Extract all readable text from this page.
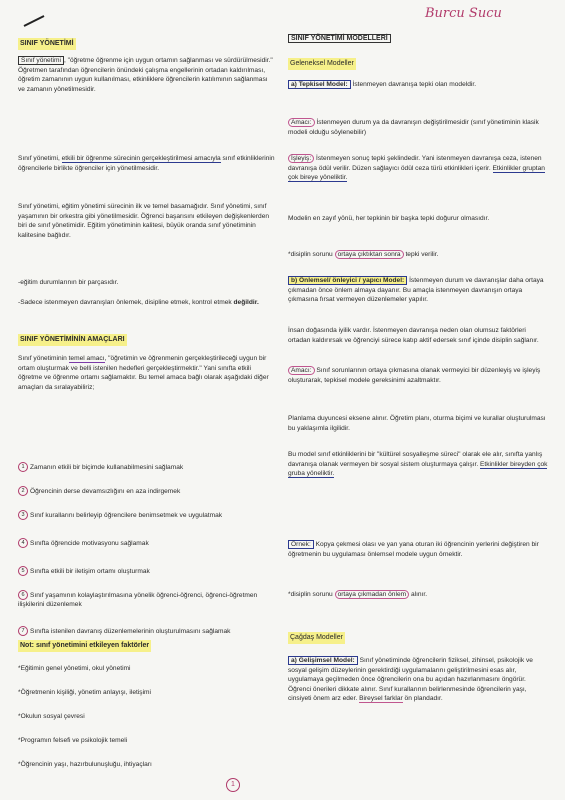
Burcu Sucu
SINIF YÖNETİMİ
Sınıf yönetimi , "öğretme öğrenme için uygun ortamın sağlanması ve sürdürülmesidir." Öğretmen tarafından öğrencilerin önündeki çalışma engellerinin ortadan kaldırılması, öğretim zamanının uygun kullanılması, etkinliklere öğrencilerin katılımının sağlanması ve zamanın yönetilmesidir.
Sınıf yönetimi, etkili bir öğrenme sürecinin gerçekleştirilmesi amacıyla sınıf etkinliklerinin öğrencilerle birlikte öğrenciler için yönetilmesidir.
Sınıf yönetimi, eğitim yönetimi sürecinin ilk ve temel basamağıdır. Sınıf yönetimi, sınıf yaşamının bir orkestra gibi yönetilmesidir. Öğrenci başarısını etkileyen değişkenlerden biri de sınıf yönetimidir. Eğitim yönetiminin kalitesi, büyük oranda sınıf yönetiminin kalitesine bağlıdır.
-eğitim durumlarının bir parçasıdır.
-Sadece istenmeyen davranışları önlemek, disipline etmek, kontrol etmek değildir.
SINIF YÖNETİMİNİN AMAÇLARI
Sınıf yönetiminin temel amacı, "öğretimin ve öğrenmenin gerçekleştirileceği uygun bir ortam oluşturmak ve belli istenilen hedefleri gerçekleştirmektir." Yani sınıfta etkili öğretme ve öğrenme ortamı sağlamaktır. Bu temel amaca bağlı olarak aşağıdaki diğer amaçları da sıralayabiliriz;
1 Zamanın etkili bir biçimde kullanabilmesini sağlamak
2 Öğrencinin derse devamsızlığını en aza indirgemek
3 Sınıf kurallarını belirleyip öğrencilere benimsetmek ve uygulatmak
4 Sınıfta öğrencide motivasyonu sağlamak
5 Sınıfta etkili bir iletişim ortamı oluşturmak
6 Sınıf yaşamının kolaylaştırılmasına yönelik öğrenci-öğrenci, öğrenci-öğretmen ilişkilerini düzenlemek
7 Sınıfta istenilen davranış düzenlemelerinin oluşturulmasını sağlamak
Not: sınıf yönetimini etkileyen faktörler
*Eğitimin genel yönetimi, okul yönetimi
*Öğretmenin kişiliği, yönetim anlayışı, iletişimi
*Okulun sosyal çevresi
*Programın felsefi ve psikolojik temeli
*Öğrencinin yaşı, hazırbulunuşluğu, ihtiyaçları
SINIF YÖNETİMİ MODELLERİ
Geleneksel Modeller
a) Tepkisel Model: İstenmeyen davranışa tepki olan modeldir.
Amacı: İstenmeyen durum ya da davranışın değiştirilmesidir (sınıf yönetiminin klasik modeli olduğu söylenebilir)
İşleyiş: İstenmeyen sonuç tepki şeklindedir. Yani istenmeyen davranışa ceza, istenen davranışa ödül verilir. Düzen sağlayıcı ödül ceza türü etkinlikleri içerir. Etkinlikler gruptan çok bireye yöneliktir.
Modelin en zayıf yönü, her tepkinin bir başka tepki doğurur olmasıdır.
*disiplin sorunu ortaya çıktıktan sonra tepki verilir.
b) Önlemsel/ önleyici / yapıcı Model: İstenmeyen durum ve davranışlar daha ortaya çıkmadan önce önlem almaya dayanır. Bu amaçla istenmeyen davranışın ortaya çıkmasına fırsat vermeyen düzenlemeler yapılır.
İnsan doğasında iyilik vardır. İstenmeyen davranışa neden olan olumsuz faktörleri ortadan kaldırırsak ve öğrenciyi sürece katıp aktif edersek sınıf içinde disiplin sağlanır.
Amacı: Sınıf sorunlarının ortaya çıkmasına olanak vermeyici bir düzenleyiş ve işleyiş oluşturarak, tepkisel modele gereksinimi azaltmaktır.
Planlama duyuncesi eksene alınır. Öğretim planı, oturma biçimi ve kurallar oluşturulması bu yaklaşımla ilgilidir.
Bu model sınıf etkinliklerini bir "kültürel sosyalleşme süreci" olarak ele alır, sınıfta yanlış davranışa olanak vermeyen bir sosyal sistem oluşturmaya çalışır. Etkinlikler bireyden çok gruba yöneliktir.
Örnek: Kopya çekmesi olası ve yan yana oturan iki öğrencinin yerlerini değiştiren bir öğretmenin bu uygulaması önlemsel modele uygun örnektir.
*disiplin sorunu ortaya çıkmadan önlem alınır.
Çağdaş Modeller
a) Gelişimsel Model: Sınıf yönetiminde öğrencilerin fiziksel, zihinsel, psikolojik ve sosyal gelişim düzeylerinin gerektirdiği uygulamalarını geliştirilmesini esas alır, uygulamaya geçilmeden önce öğrencilerin ona bu açıdan hazırlanmasını öngörür. Öğrenci önerileri dikkate alınır. Sınıf kurallarının belirlenmesinde öğrencilerin yaşı, cinsiyeti önem arz eder. Bireysel farklar ön plandadır.
1
